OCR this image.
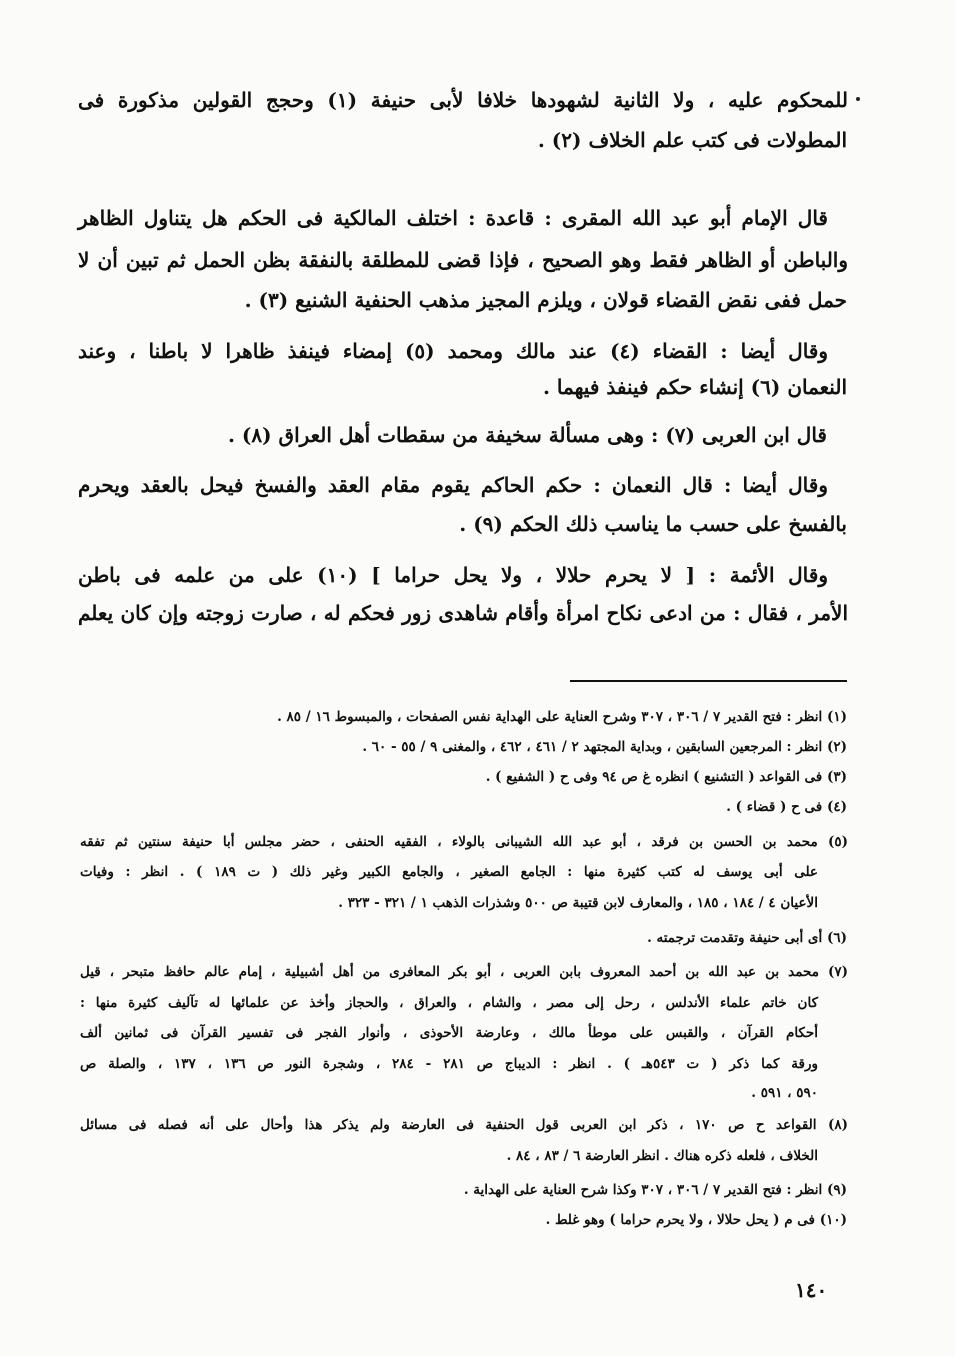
للمحكوم عليه ، ولا الثانية لشهودها خلافا لأبى حنيفة (١) وحجج القولين مذكورة فى
المطولات فى كتب علم الخلاف (٢) .
قال الإمام أبو عبد الله المقرى : قاعدة : اختلف المالكية فى الحكم هل يتناول الظاهر
والباطن أو الظاهر فقط وهو الصحيح ، فإذا قضى للمطلقة بالنفقة بظن الحمل ثم تبين أن لا
حمل ففى نقض القضاء قولان ، ويلزم المجيز مذهب الحنفية الشنيع (٣) .
وقال أيضا : القضاء (٤) عند مالك ومحمد (٥) إمضاء فينفذ ظاهرا لا باطنا ، وعند
النعمان (٦) إنشاء حكم فينفذ فيهما .
قال ابن العربى (٧) : وهى مسألة سخيفة من سقطات أهل العراق (٨) .
وقال أيضا : قال النعمان : حكم الحاكم يقوم مقام العقد والفسخ فيحل بالعقد ويحرم
بالفسخ على حسب ما يناسب ذلك الحكم (٩) .
وقال الأئمة : [ لا يحرم حلالا ، ولا يحل حراما ] (١٠) على من علمه فى باطن
الأمر ، فقال : من ادعى نكاح امرأة وأقام شاهدى زور فحكم له ، صارت زوجته وإن كان يعلم
(١) انظر : فتح القدير ٧ / ٣٠٦ ، ٣٠٧ وشرح العناية على الهداية نفس الصفحات ، والمبسوط ١٦ / ٨٥ .
(٢) انظر : المرجعين السابقين ، وبداية المجتهد ٢ / ٤٦١ ، ٤٦٢ ، والمغنى ٩ / ٥٥ - ٦٠ .
(٣) فى القواعد ( التشنيع ) انظره غ ص ٩٤ وفى ح ( الشفيع ) .
(٤) فى ح ( قضاء ) .
(٥) محمد بن الحسن بن فرقد ، أبو عبد الله الشيبانى بالولاء ، الفقيه الحنفى ، حضر مجلس أبا حنيفة سنتين ثم تفقه
على أبى يوسف له كتب كثيرة منها : الجامع الصغير ، والجامع الكبير وغير ذلك ( ت ١٨٩ ) . انظر : وفيات
الأعيان ٤ / ١٨٤ ، ١٨٥ ، والمعارف لابن قتيبة ص ٥٠٠ وشذرات الذهب ١ / ٣٢١ - ٣٢٣ .
(٦) أى أبى حنيفة وتقدمت ترجمته .
(٧) محمد بن عبد الله بن أحمد المعروف بابن العربى ، أبو بكر المعافرى من أهل أشبيلية ، إمام عالم حافظ متبحر ، قيل
كان خاتم علماء الأندلس ، رحل إلى مصر ، والشام ، والعراق ، والحجاز وأخذ عن علمائها له تآليف كثيرة منها :
أحكام القرآن ، والقبس على موطأ مالك ، وعارضة الأحوذى ، وأنوار الفجر فى تفسير القرآن فى ثمانين ألف
ورقة كما ذكر ( ت ٥٤٣هـ ) . انظر : الديباج ص ٢٨١ - ٢٨٤ ، وشجرة النور ص ١٣٦ ، ١٣٧ ، والصلة ص
٥٩٠ ، ٥٩١ .
(٨) القواعد ح ص ١٧٠ ، ذكر ابن العربى قول الحنفية فى العارضة ولم يذكر هذا وأحال على أنه فصله فى مسائل
الخلاف ، فلعله ذكره هناك . انظر العارضة ٦ / ٨٣ ، ٨٤ .
(٩) انظر : فتح القدير ٧ / ٣٠٦ ، ٣٠٧ وكذا شرح العناية على الهداية .
(١٠) فى م ( يحل حلالا ، ولا يحرم حراما ) وهو غلط .
١٤٠
